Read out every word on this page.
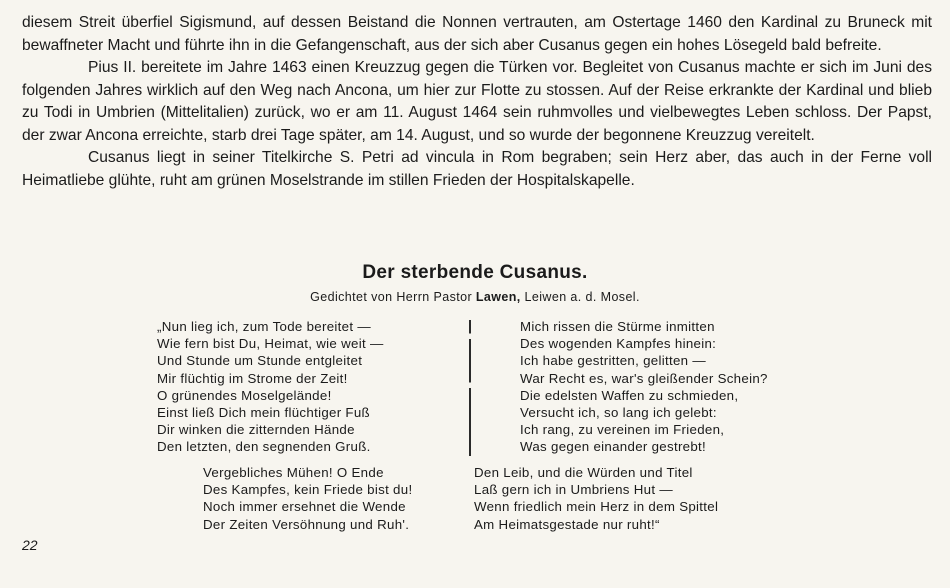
diesem Streit überfiel Sigismund, auf dessen Beistand die Nonnen vertrauten, am Ostertage 1460 den Kardinal zu Bruneck mit bewaffneter Macht und führte ihn in die Gefangenschaft, aus der sich aber Cusanus gegen ein hohes Lösegeld bald befreite.

Pius II. bereitete im Jahre 1463 einen Kreuzzug gegen die Türken vor. Begleitet von Cusanus machte er sich im Juni des folgenden Jahres wirklich auf den Weg nach Ancona, um hier zur Flotte zu stossen. Auf der Reise erkrankte der Kardinal und blieb zu Todi in Umbrien (Mittelitalien) zurück, wo er am 11. August 1464 sein ruhmvolles und vielbewegtes Leben schloss. Der Papst, der zwar Ancona erreichte, starb drei Tage später, am 14. August, und so wurde der begonnene Kreuzzug vereitelt.

Cusanus liegt in seiner Titelkirche S. Petri ad vincula in Rom begraben; sein Herz aber, das auch in der Ferne voll Heimatliebe glühte, ruht am grünen Moselstrande im stillen Frieden der Hospitalskapelle.

Der sterbende Cusanus.
Gedichtet von Herrn Pastor Lawen, Leiwen a. d. Mosel.
„Nun lieg ich, zum Tode bereitet —
Wie fern bist Du, Heimat, wie weit —
Und Stunde um Stunde entgleitet
Mir flüchtig im Strome der Zeit!
O grünendes Moselgelände!
Einst ließ Dich mein flüchtiger Fuß
Dir winken die zitternden Hände
Den letzten, den segnenden Gruß.
Mich rissen die Stürme inmitten
Des wogenden Kampfes hinein:
Ich habe gestritten, gelitten —
War Recht es, war's gleißender Schein?
Die edelsten Waffen zu schmieden,
Versucht ich, so lang ich gelebt:
Ich rang, zu vereinen im Frieden,
Was gegen einander gestrebt!
Vergebliches Mühen! O Ende
Des Kampfes, kein Friede bist du!
Noch immer ersehnet die Wende
Der Zeiten Versöhnung und Ruh'.
Den Leib, und die Würden und Titel
Laß gern ich in Umbriens Hut —
Wenn friedlich mein Herz in dem Spittel
Am Heimatsgestade nur ruht!“
22
